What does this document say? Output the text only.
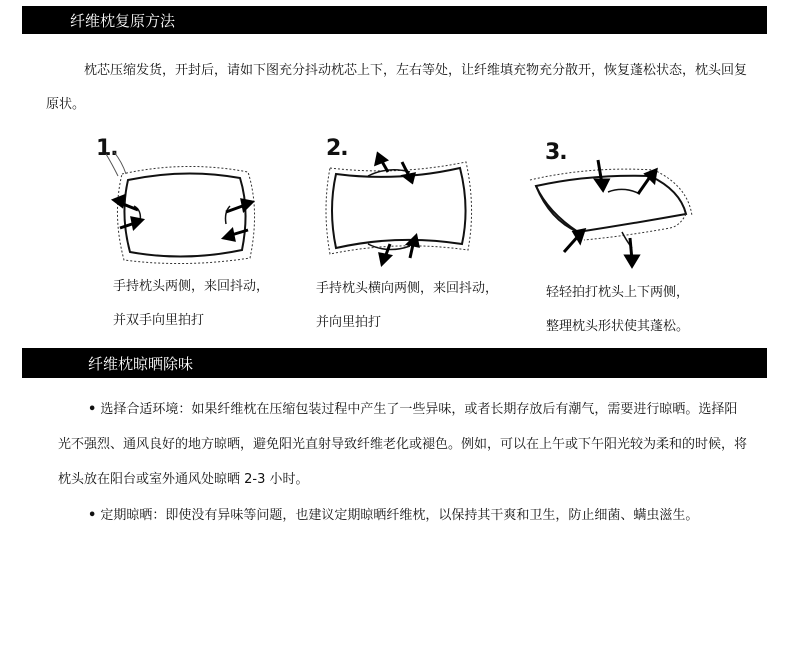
纤维枕复原方法
枕芯压缩发货，开封后，请如下图充分抖动枕芯上下，左右等处，让纤维填充物充分散开，恢复蓬松状态，枕头回复原状。
1.
手持枕头两侧，来回抖动，
并双手向里拍打
2.
手持枕头横向两侧，来回抖动，
并向里拍打
3.
轻轻拍打枕头上下两侧，
整理枕头形状使其蓬松。
纤维枕晾晒除味
• 选择合适环境：如果纤维枕在压缩包装过程中产生了一些异味，或者长期存放后有潮气，需要进行晾晒。选择阳光不强烈、通风良好的地方晾晒，避免阳光直射导致纤维老化或褪色。例如，可以在上午或下午阳光较为柔和的时候，将枕头放在阳台或室外通风处晾晒 2-3 小时。
• 定期晾晒：即使没有异味等问题，也建议定期晾晒纤维枕，以保持其干爽和卫生，防止细菌、螨虫滋生。
